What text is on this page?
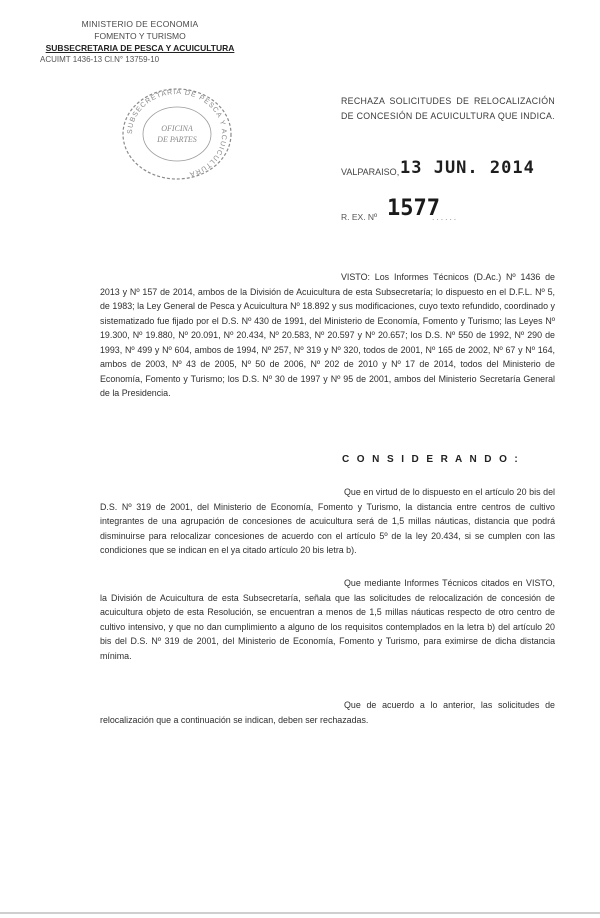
MINISTERIO DE ECONOMIA
FOMENTO Y TURISMO
SUBSECRETARIA DE PESCA Y ACUICULTURA
ACUIMT 1436-13 Cl.N° 13759-10
SUBSECRETARIA DE PESCA Y ACUICULTURA
OFICINA
DE PARTES
RECHAZA SOLICITUDES DE RELOCALIZACIÓN DE CONCESIÓN DE ACUICULTURA QUE INDICA.
VALPARAISO, 13 JUN. 2014
R. EX. Nº 1577
......
VISTO: Los Informes Técnicos (D.Ac.) Nº 1436 de 2013 y Nº 157 de 2014, ambos de la División de Acuicultura de esta Subsecretaría; lo dispuesto en el D.F.L. Nº 5, de 1983; la Ley General de Pesca y Acuicultura Nº 18.892 y sus modificaciones, cuyo texto refundido, coordinado y sistematizado fue fijado por el D.S. Nº 430 de 1991, del Ministerio de Economía, Fomento y Turismo; las Leyes Nº 19.300, Nº 19.880, Nº 20.091, Nº 20.434, Nº 20.583, Nº 20.597 y Nº 20.657; los D.S. Nº 550 de 1992, Nº 290 de 1993, Nº 499 y Nº 604, ambos de 1994, Nº 257, Nº 319 y Nº 320, todos de 2001, Nº 165 de 2002, Nº 67 y Nº 164, ambos de 2003, Nº 43 de 2005, Nº 50 de 2006, Nº 202 de 2010 y Nº 17 de 2014, todos del Ministerio de Economía, Fomento y Turismo; los D.S. Nº 30 de 1997 y Nº 95 de 2001, ambos del Ministerio Secretaría General de la Presidencia.
C O N S I D E R A N D O :
Que en virtud de lo dispuesto en el artículo 20 bis del D.S. Nº 319 de 2001, del Ministerio de Economía, Fomento y Turismo, la distancia entre centros de cultivo integrantes de una agrupación de concesiones de acuicultura será de 1,5 millas náuticas, distancia que podrá disminuirse para relocalizar concesiones de acuerdo con el artículo 5º de la ley 20.434, si se cumplen con las condiciones que se indican en el ya citado artículo 20 bis letra b).
Que mediante Informes Técnicos citados en VISTO, la División de Acuicultura de esta Subsecretaría, señala que las solicitudes de relocalización de concesión de acuicultura objeto de esta Resolución, se encuentran a menos de 1,5 millas náuticas respecto de otro centro de cultivo intensivo, y que no dan cumplimiento a alguno de los requisitos contemplados en la letra b) del artículo 20 bis del D.S. Nº 319 de 2001, del Ministerio de Economía, Fomento y Turismo, para eximirse de dicha distancia mínima.
Que de acuerdo a lo anterior, las solicitudes de relocalización que a continuación se indican, deben ser rechazadas.
